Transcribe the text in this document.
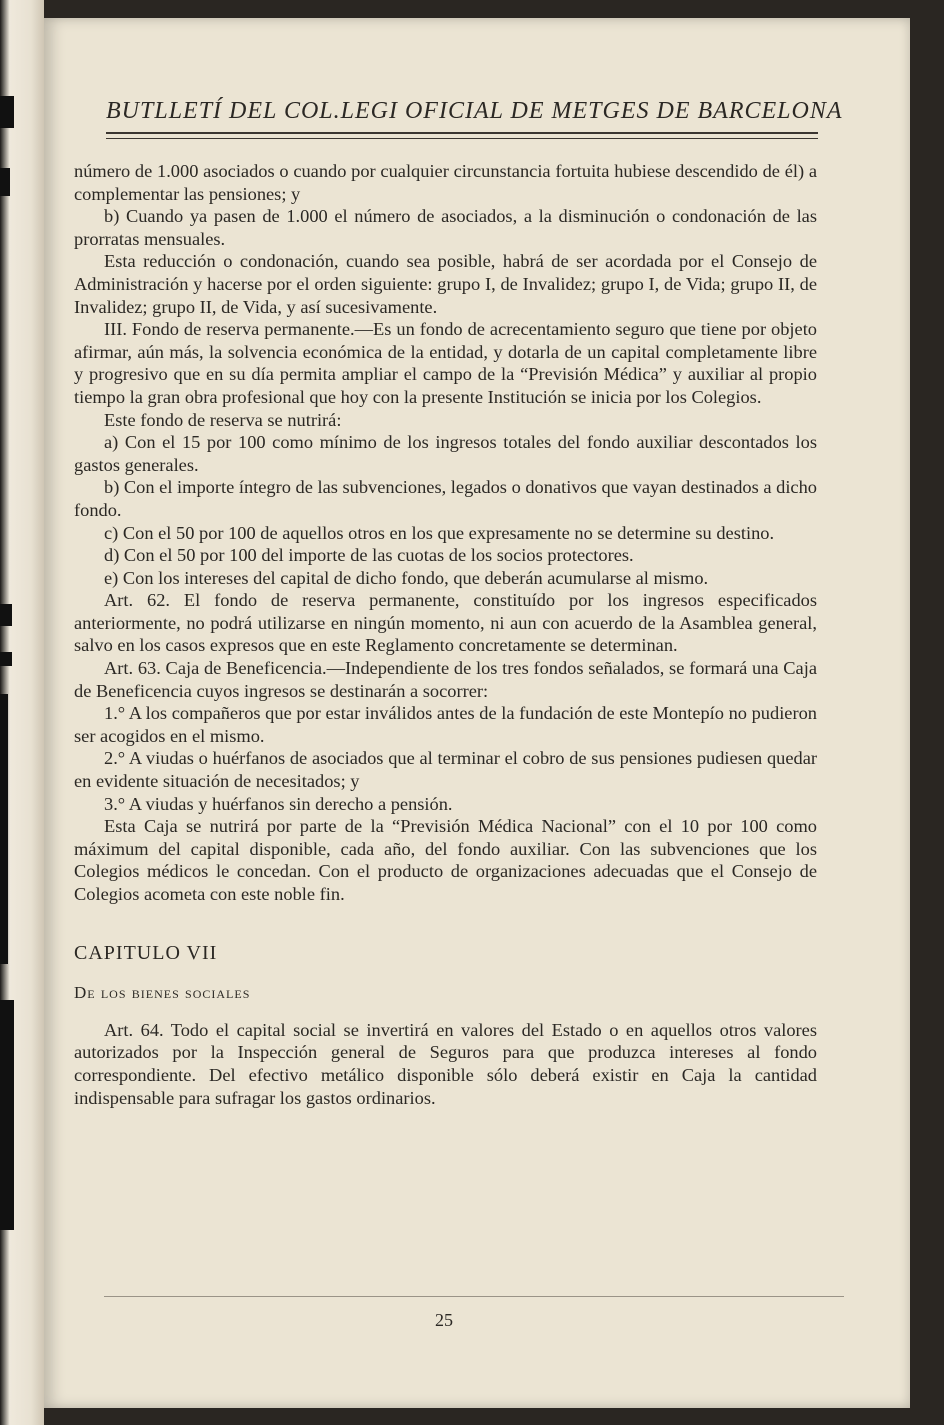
BUTLLETÍ DEL COL.LEGI OFICIAL DE METGES DE BARCELONA

número de 1.000 asociados o cuando por cualquier circunstancia fortuita hubiese descendido de él) a complementar las pensiones; y

b) Cuando ya pasen de 1.000 el número de asociados, a la disminución o condonación de las prorratas mensuales.

Esta reducción o condonación, cuando sea posible, habrá de ser acordada por el Consejo de Administración y hacerse por el orden siguiente: grupo I, de Invalidez; grupo I, de Vida; grupo II, de Invalidez; grupo II, de Vida, y así sucesivamente.

III. Fondo de reserva permanente.—Es un fondo de acrecentamiento seguro que tiene por objeto afirmar, aún más, la solvencia económica de la entidad, y dotarla de un capital completamente libre y progresivo que en su día permita ampliar el campo de la “Previsión Médica” y auxiliar al propio tiempo la gran obra profesional que hoy con la presente Institución se inicia por los Colegios.

Este fondo de reserva se nutrirá:

a) Con el 15 por 100 como mínimo de los ingresos totales del fondo auxiliar descontados los gastos generales.

b) Con el importe íntegro de las subvenciones, legados o donativos que vayan destinados a dicho fondo.

c) Con el 50 por 100 de aquellos otros en los que expresamente no se determine su destino.

d) Con el 50 por 100 del importe de las cuotas de los socios protectores.

e) Con los intereses del capital de dicho fondo, que deberán acumularse al mismo.

Art. 62. El fondo de reserva permanente, constituído por los ingresos especificados anteriormente, no podrá utilizarse en ningún momento, ni aun con acuerdo de la Asamblea general, salvo en los casos expresos que en este Reglamento concretamente se determinan.

Art. 63. Caja de Beneficencia.—Independiente de los tres fondos señalados, se formará una Caja de Beneficencia cuyos ingresos se destinarán a socorrer:

1.° A los compañeros que por estar inválidos antes de la fundación de este Montepío no pudieron ser acogidos en el mismo.

2.° A viudas o huérfanos de asociados que al terminar el cobro de sus pensiones pudiesen quedar en evidente situación de necesitados; y

3.° A viudas y huérfanos sin derecho a pensión.

Esta Caja se nutrirá por parte de la “Previsión Médica Nacional” con el 10 por 100 como máximum del capital disponible, cada año, del fondo auxiliar. Con las subvenciones que los Colegios médicos le concedan. Con el producto de organizaciones adecuadas que el Consejo de Colegios acometa con este noble fin.

CAPITULO VII

De los bienes sociales

Art. 64. Todo el capital social se invertirá en valores del Estado o en aquellos otros valores autorizados por la Inspección general de Seguros para que produzca intereses al fondo correspondiente. Del efectivo metálico disponible sólo deberá existir en Caja la cantidad indispensable para sufragar los gastos ordinarios.

25
